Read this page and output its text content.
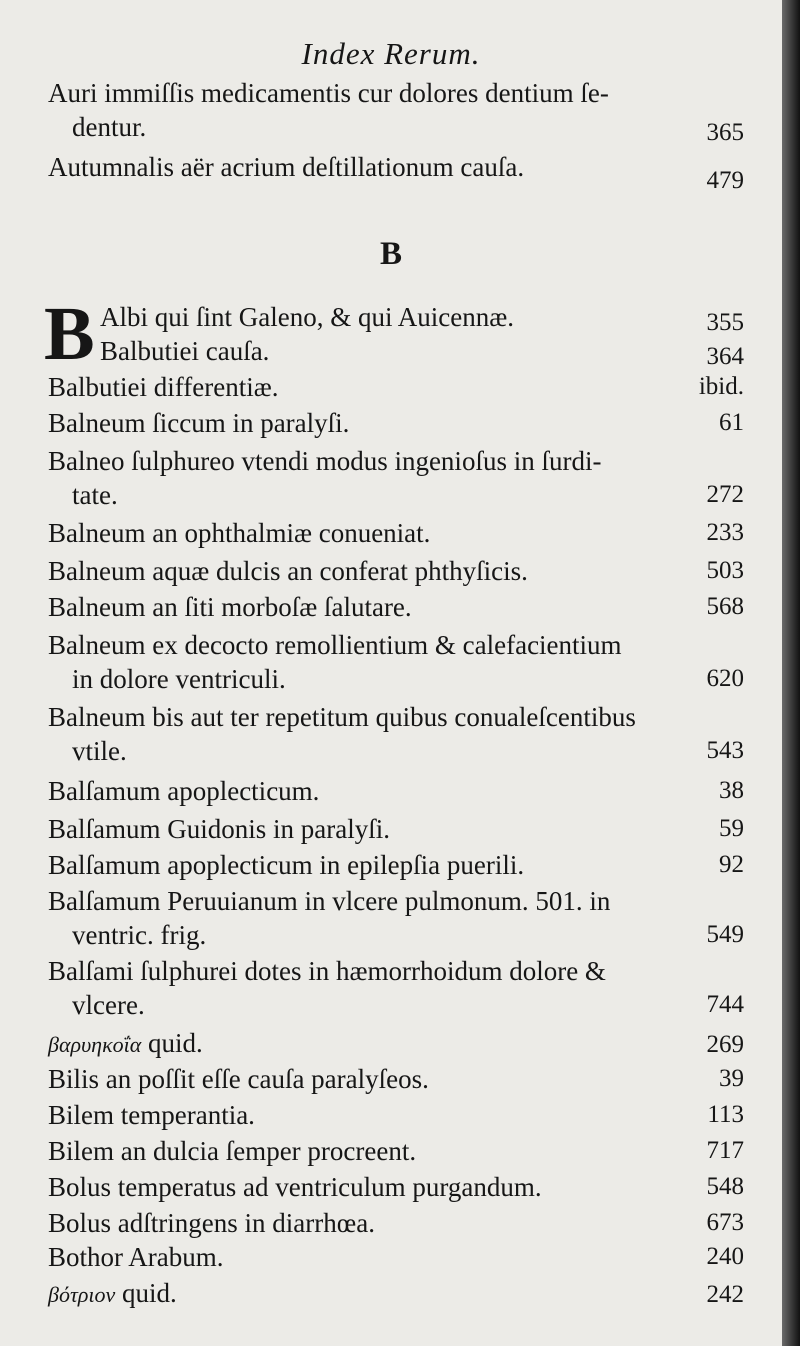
Index Rerum.
Auri immiſſis medicamentis cur dolores dentium ſe-
dentur.	365
Autumnalis aër acrium deſtillationum cauſa.	479
B
B Albi qui ſint Galeno, & qui Auicennæ.	355
Balbutiei cauſa.	364
Balbutiei differentiæ.	ibid.
Balneum ſiccum in paralyſi.	61
Balneo ſulphureo vtendi modus ingenioſus in ſurdi-
tate.	272
Balneum an ophthalmiæ conueniat.	233
Balneum aquæ dulcis an conferat phthyſicis.	503
Balneum an ſiti morboſæ ſalutare.	568
Balneum ex decocto remollientium & calefacientium
in dolore ventriculi.	620
Balneum bis aut ter repetitum quibus conualeſcentibus
vtile.	543
Balſamum apoplecticum.	38
Balſamum Guidonis in paralyſi.	59
Balſamum apoplecticum in epilepſia puerili.	92
Balſamum Peruuianum in vlcere pulmonum. 501. in
ventric. frig.	549
Balſami ſulphurei dotes in hæmorrhoidum dolore &
vlcere.	744
βαρυηκοΐα quid.	269
Bilis an poſſit eſſe cauſa paralyſeos.	39
Bilem temperantia.	113
Bilem an dulcia ſemper procreent.	717
Bolus temperatus ad ventriculum purgandum.	548
Bolus adſtringens in diarrhœa.	673
Bothor Arabum.	240
βότριον quid.	242
